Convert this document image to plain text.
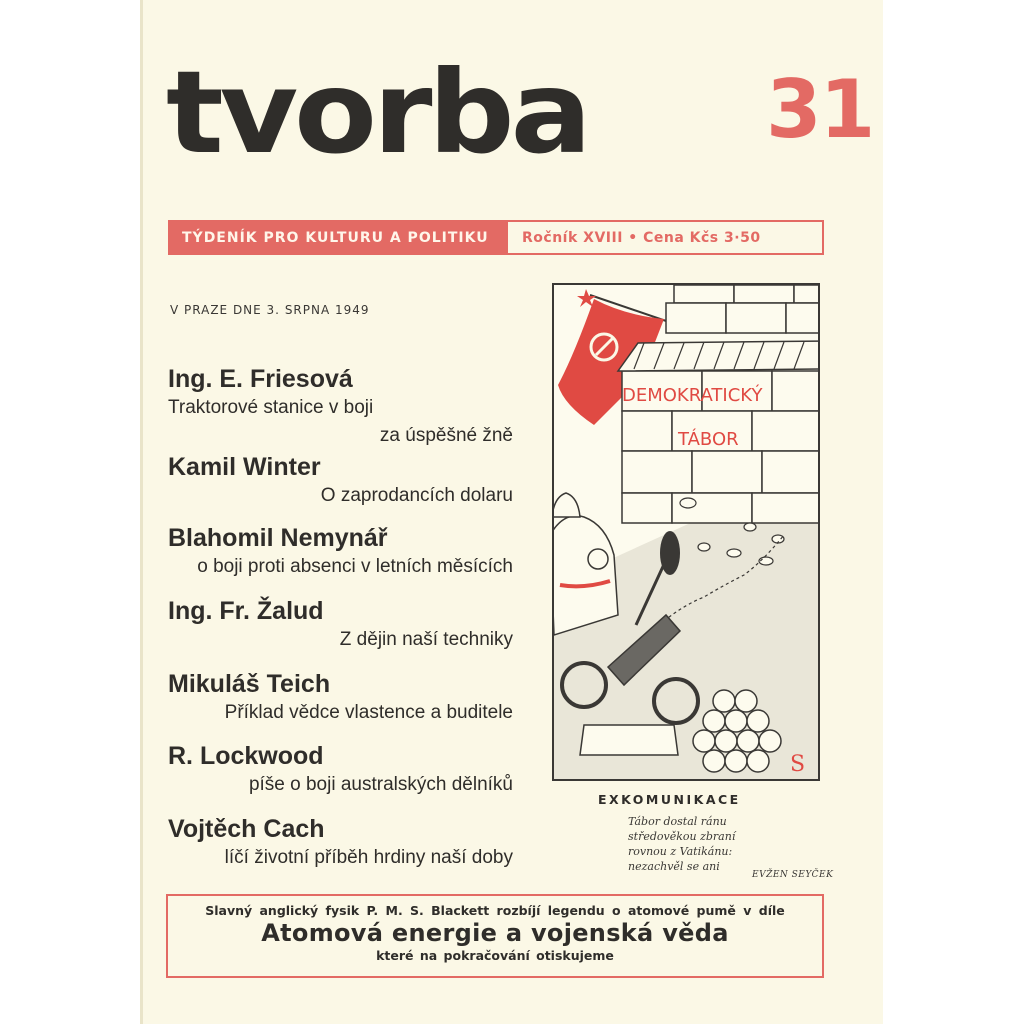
tvorba 31
TÝDENÍK PRO KULTURU A POLITIKU	Ročník XVIII • Cena Kčs 3·50
V PRAZE DNE 3. SRPNA 1949
Ing. E. Friesová
Traktorové stanice v boji
za úspěšné žně
Kamil Winter
O zaprodancích dolaru
Blahomil Nemynář
o boji proti absenci v letních měsících
Ing. Fr. Žalud
Z dějin naší techniky
Mikuláš Teich
Příklad vědce vlastence a buditele
R. Lockwood
píše o boji australských dělníků
Vojtěch Cach
líčí životní příběh hrdiny naší doby
DEMOKRATICKÝ
TÁBOR
S
EXKOMUNIKACE
Tábor dostal ránu
středověkou zbraní
rovnou z Vatikánu:
nezachvěl se ani
EVŽEN SEYČEK
Slavný anglický fysik P. M. S. Blackett rozbíjí legendu o atomové pumě v díle
Atomová energie a vojenská věda
které na pokračování otiskujeme
